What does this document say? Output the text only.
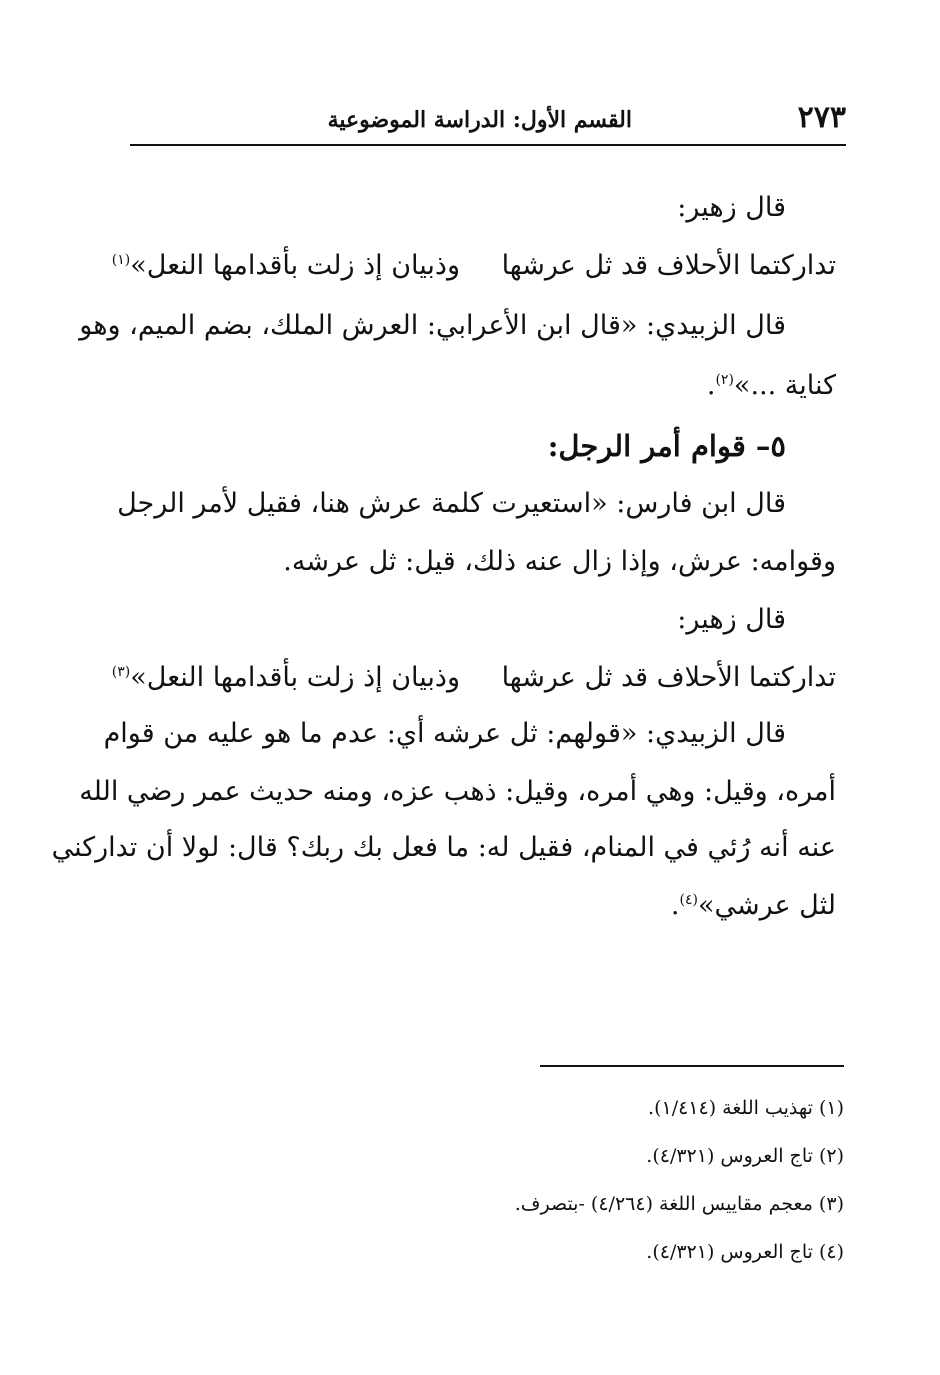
٢٧٣
القسم الأول: الدراسة الموضوعية
قال زهير:
تداركتما الأحلاف قد ثل عرشها
وذبيان إذ زلت بأقدامها النعل»$^{(١)}$
قال الزبيدي: «قال ابن الأعرابي: العرش الملك، بضم الميم، وهو
كناية ...»$^{(٢)}$.
٥– قوام أمر الرجل:
قال ابن فارس: «استعيرت كلمة عرش هنا، فقيل لأمر الرجل
وقوامه: عرش، وإذا زال عنه ذلك، قيل: ثل عرشه.
قال زهير:
تداركتما الأحلاف قد ثل عرشها
وذبيان إذ زلت بأقدامها النعل»$^{(٣)}$
قال الزبيدي: «قولهم: ثل عرشه أي: عدم ما هو عليه من قوام
أمره، وقيل: وهي أمره، وقيل: ذهب عزه، ومنه حديث عمر رضي الله
عنه أنه رُئي في المنام، فقيل له: ما فعل بك ربك؟ قال: لولا أن تداركني
لثل عرشي»$^{(٤)}$.
(١) تهذيب اللغة (١/٤١٤).
(٢) تاج العروس (٤/٣٢١).
(٣) معجم مقاييس اللغة (٤/٢٦٤) -بتصرف.
(٤) تاج العروس (٤/٣٢١).
